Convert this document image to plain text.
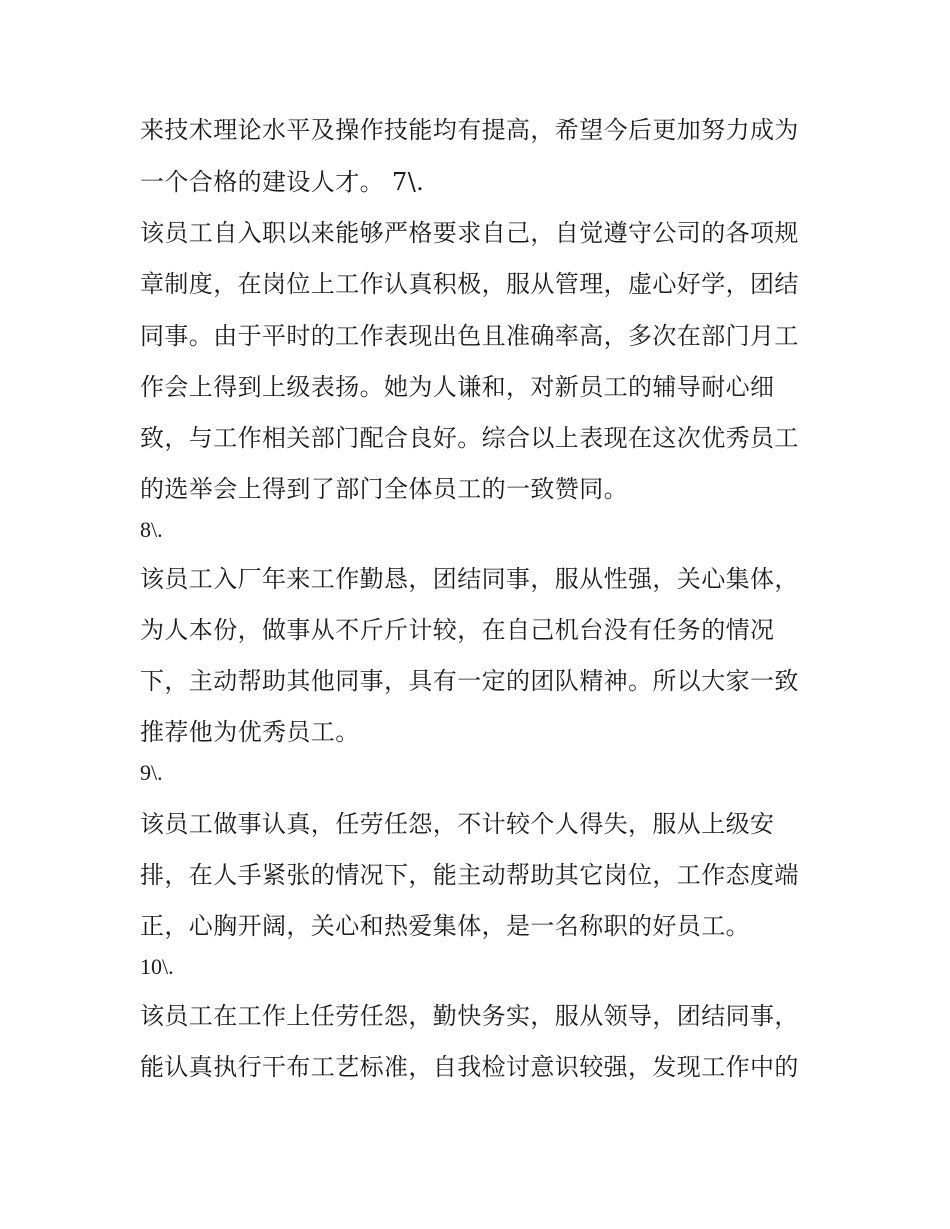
来技术理论水平及操作技能均有提高，希望今后更加努力成为
一个合格的建设人才。 7\.
该员工自入职以来能够严格要求自己，自觉遵守公司的各项规
章制度，在岗位上工作认真积极，服从管理，虚心好学，团结
同事。由于平时的工作表现出色且准确率高，多次在部门月工
作会上得到上级表扬。她为人谦和，对新员工的辅导耐心细
致，与工作相关部门配合良好。综合以上表现在这次优秀员工
的选举会上得到了部门全体员工的一致赞同。
8\.
该员工入厂年来工作勤恳，团结同事，服从性强，关心集体，
为人本份，做事从不斤斤计较，在自己机台没有任务的情况
下，主动帮助其他同事，具有一定的团队精神。所以大家一致
推荐他为优秀员工。
9\.
该员工做事认真，任劳任怨，不计较个人得失，服从上级安
排，在人手紧张的情况下，能主动帮助其它岗位，工作态度端
正，心胸开阔，关心和热爱集体，是一名称职的好员工。
10\.
该员工在工作上任劳任怨，勤快务实，服从领导，团结同事，
能认真执行干布工艺标准，自我检讨意识较强，发现工作中的
